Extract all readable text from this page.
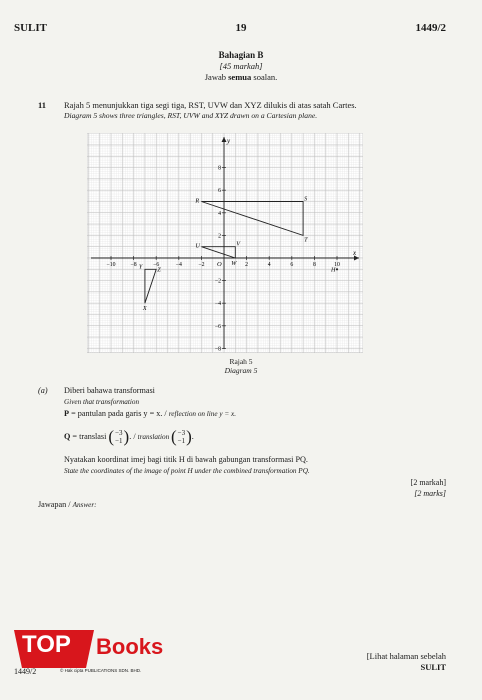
SULIT	19	1449/2
Bahagian B
[45 markah]
Jawab semua soalan.
11 Rajah 5 menunjukkan tiga segi tiga, RST, UVW dan XYZ dilukis di atas satah Cartes.
Diagram 5 shows three triangles, RST, UVW and XYZ drawn on a Cartesian plane.
x
y
O
−10	−8	−6	−4	−2	2	4	6	8	10
8
6
4
2
−2
−4
−6
−8
R	S
T
U	V
W
X
Y Z	H
Rajah 5
Diagram 5
(a) Diberi bahawa transformasi
Given that transformation
P = pantulan pada garis y = x. / reflection on line y = x.
Q = translasi ( −3
−1 ) . / translation ( −3
−1 ) .
Nyatakan koordinat imej bagi titik H di bawah gabungan transformasi PQ.
State the coordinates of the image of point H under the combined transformation PQ.
[2 markah]
[2 marks]
Jawapan / Answer:
TOP Books
1449/2	© Hak cipta PUBLICATIONS SDN. BHD.
[Lihat halaman sebelah
SULIT
